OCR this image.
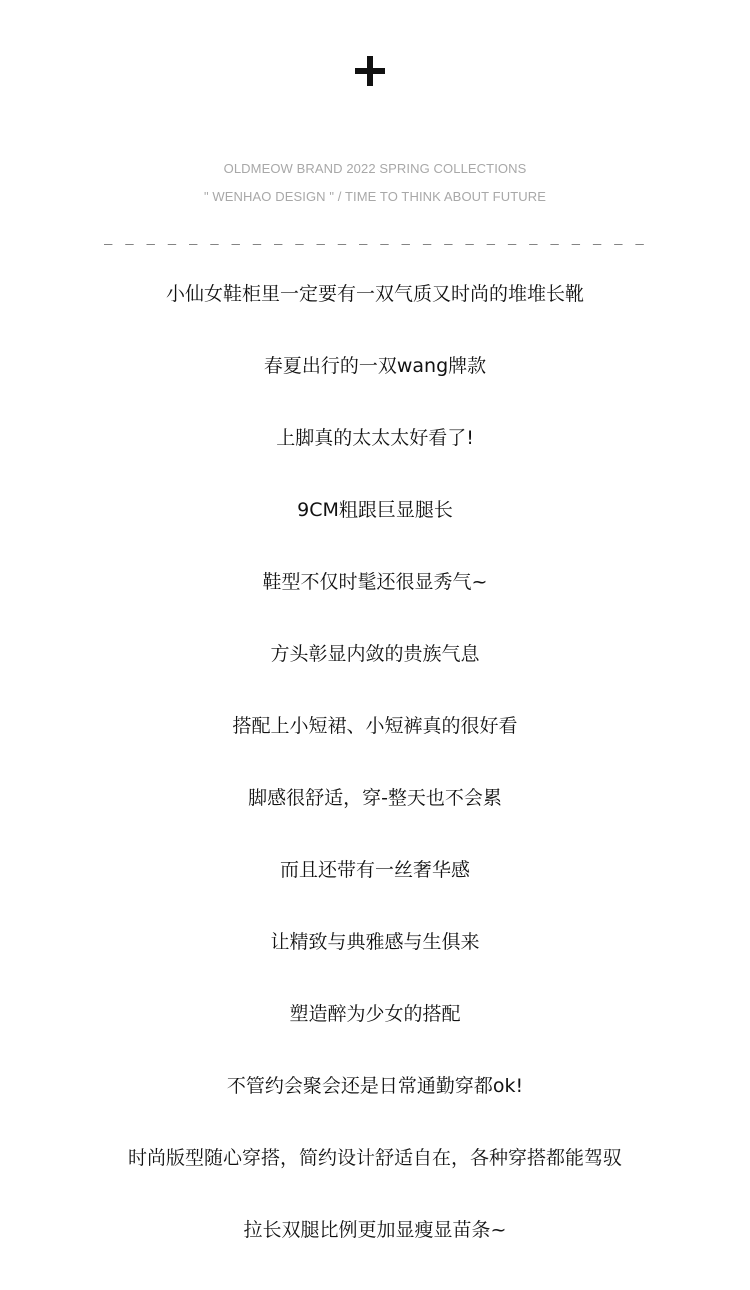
OLDMEOW BRAND 2022 SPRING COLLECTIONS
" WENHAO DESIGN " / TIME TO THINK ABOUT FUTURE
_ _ _ _ _ _ _ _ _ _ _ _ _ _ _ _ _ _ _ _ _ _ _ _ _ _
小仙女鞋柜里一定要有一双气质又时尚的堆堆长靴
春夏出行的一双wang牌款
上脚真的太太太好看了!
9CM粗跟巨显腿长
鞋型不仅时髦还很显秀气~
方头彰显内敛的贵族气息
搭配上小短裙、小短裤真的很好看
脚感很舒适，穿-整天也不会累
而且还带有一丝奢华感
让精致与典雅感与生俱来
塑造醉为少女的搭配
不管约会聚会还是日常通勤穿都ok!
时尚版型随心穿搭，简约设计舒适自在，各种穿搭都能驾驭
拉长双腿比例更加显瘦显苗条~
